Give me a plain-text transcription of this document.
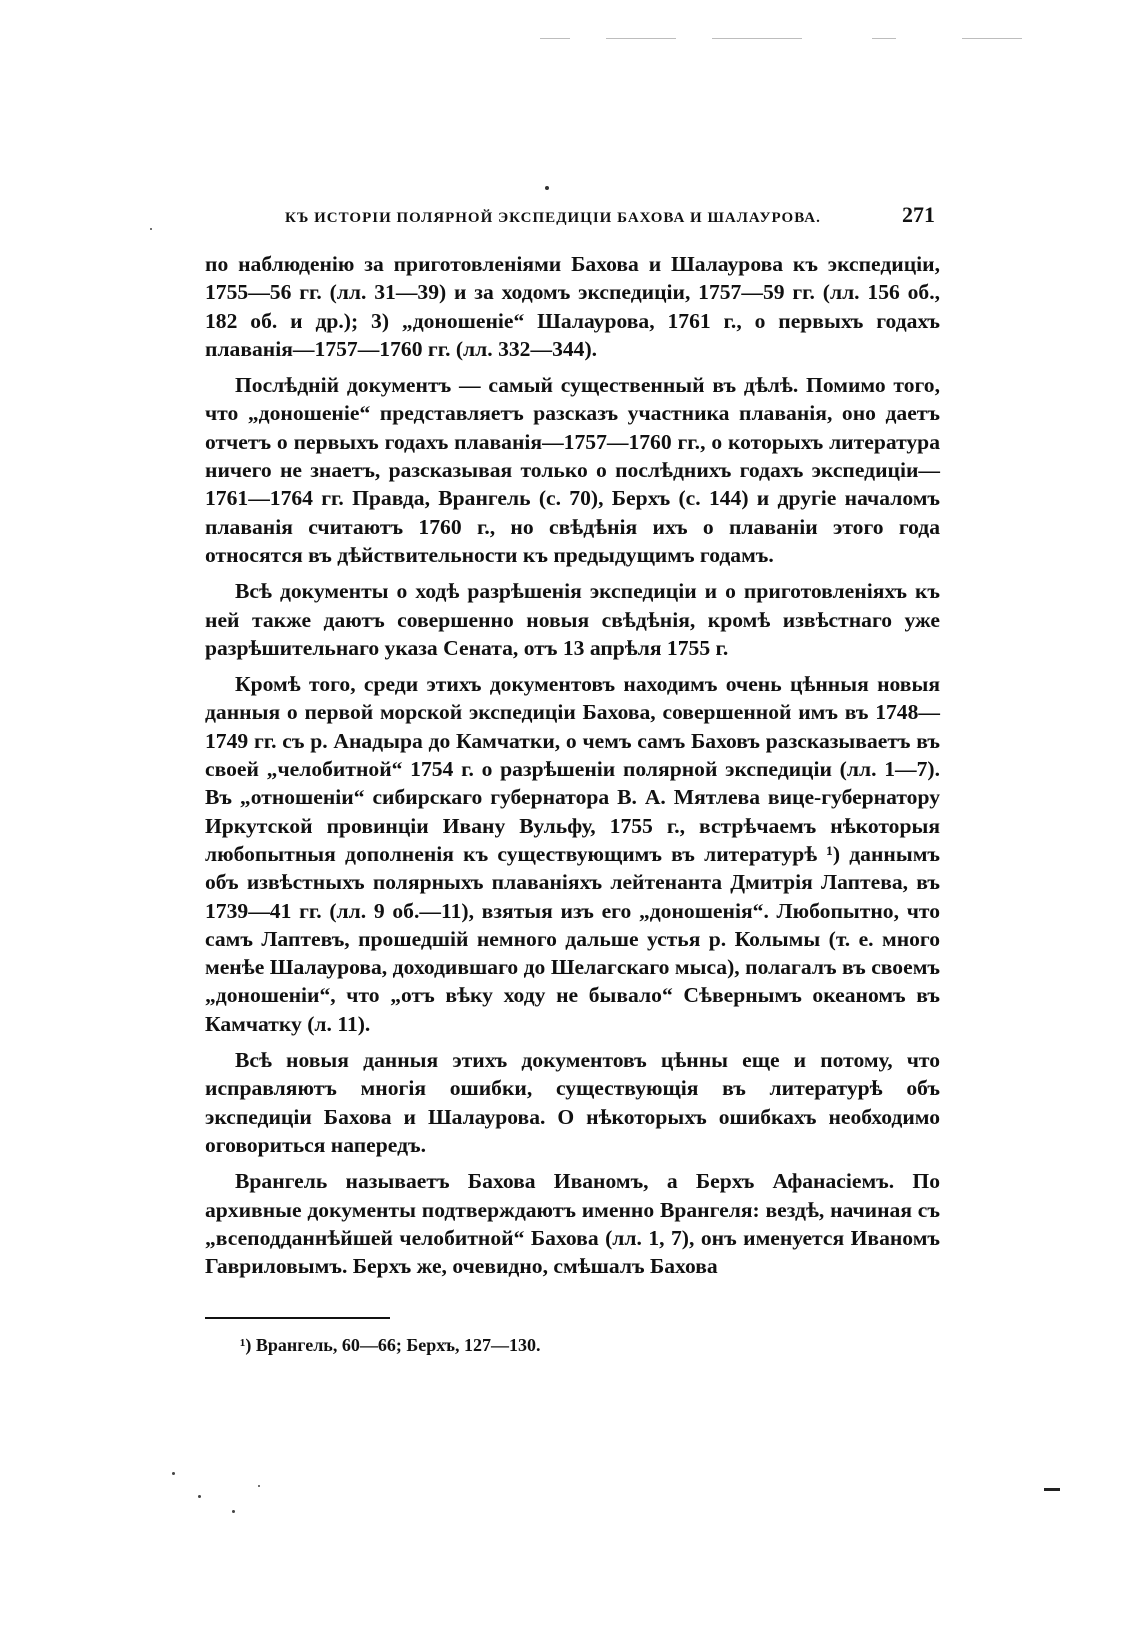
КЪ ИСТОРІИ ПОЛЯРНОЙ ЭКСПЕДИЦІИ БАХОВА И ШАЛАУРОВА.	271

по наблюденію за приготовленіями Бахова и Шалаурова къ экспедиціи, 1755—56 гг. (лл. 31—39) и за ходомъ экспедиціи, 1757—59 гг. (лл. 156 об., 182 об. и др.); 3) „доношеніе“ Шалаурова, 1761 г., о первыхъ годахъ плаванія—1757—1760 гг. (лл. 332—344).

Послѣдній документъ — самый существенный въ дѣлѣ. Помимо того, что „доношеніе“ представляетъ разсказъ участника плаванія, оно даетъ отчетъ о первыхъ годахъ плаванія—1757—1760 гг., о которыхъ литература ничего не знаетъ, разсказывая только о послѣднихъ годахъ экспедиціи—1761—1764 гг. Правда, Врангель (с. 70), Берхъ (с. 144) и другіе началомъ плаванія считаютъ 1760 г., но свѣдѣнія ихъ о плаваніи этого года относятся въ дѣйствительности къ предыдущимъ годамъ.

Всѣ документы о ходѣ разрѣшенія экспедиціи и о приготовленіяхъ къ ней также даютъ совершенно новыя свѣдѣнія, кромѣ извѣстнаго уже разрѣшительнаго указа Сената, отъ 13 апрѣля 1755 г.

Кромѣ того, среди этихъ документовъ находимъ очень цѣнныя новыя данныя о первой морской экспедиціи Бахова, совершенной имъ въ 1748—1749 гг. съ р. Анадыра до Камчатки, о чемъ самъ Баховъ разсказываетъ въ своей „челобитной“ 1754 г. о разрѣшеніи полярной экспедиціи (лл. 1—7). Въ „отношеніи“ сибирскаго губернатора В. А. Мятлева вице-губернатору Иркутской провинціи Ивану Вульфу, 1755 г., встрѣчаемъ нѣкоторыя любопытныя дополненія къ существующимъ въ литературѣ ¹) даннымъ объ извѣстныхъ полярныхъ плаваніяхъ лейтенанта Дмитрія Лаптева, въ 1739—41 гг. (лл. 9 об.—11), взятыя изъ его „доношенія“. Любопытно, что самъ Лаптевъ, прошедшій немного дальше устья р. Колымы (т. е. много менѣе Шалаурова, доходившаго до Шелагскаго мыса), полагалъ въ своемъ „доношеніи“, что „отъ вѣку ходу не бывало“ Сѣвернымъ океаномъ въ Камчатку (л. 11).

Всѣ новыя данныя этихъ документовъ цѣнны еще и потому, что исправляютъ многія ошибки, существующія въ литературѣ объ экспедиціи Бахова и Шалаурова. О нѣкоторыхъ ошибкахъ необходимо оговориться напередъ.

Врангель называетъ Бахова Иваномъ, а Берхъ Афанасіемъ. По архивные документы подтверждаютъ именно Врангеля: вездѣ, начиная съ „всеподданнѣйшей челобитной“ Бахова (лл. 1, 7), онъ именуется Иваномъ Гавриловымъ. Берхъ же, очевидно, смѣшалъ Бахова

¹) Врангель, 60—66; Берхъ, 127—130.
